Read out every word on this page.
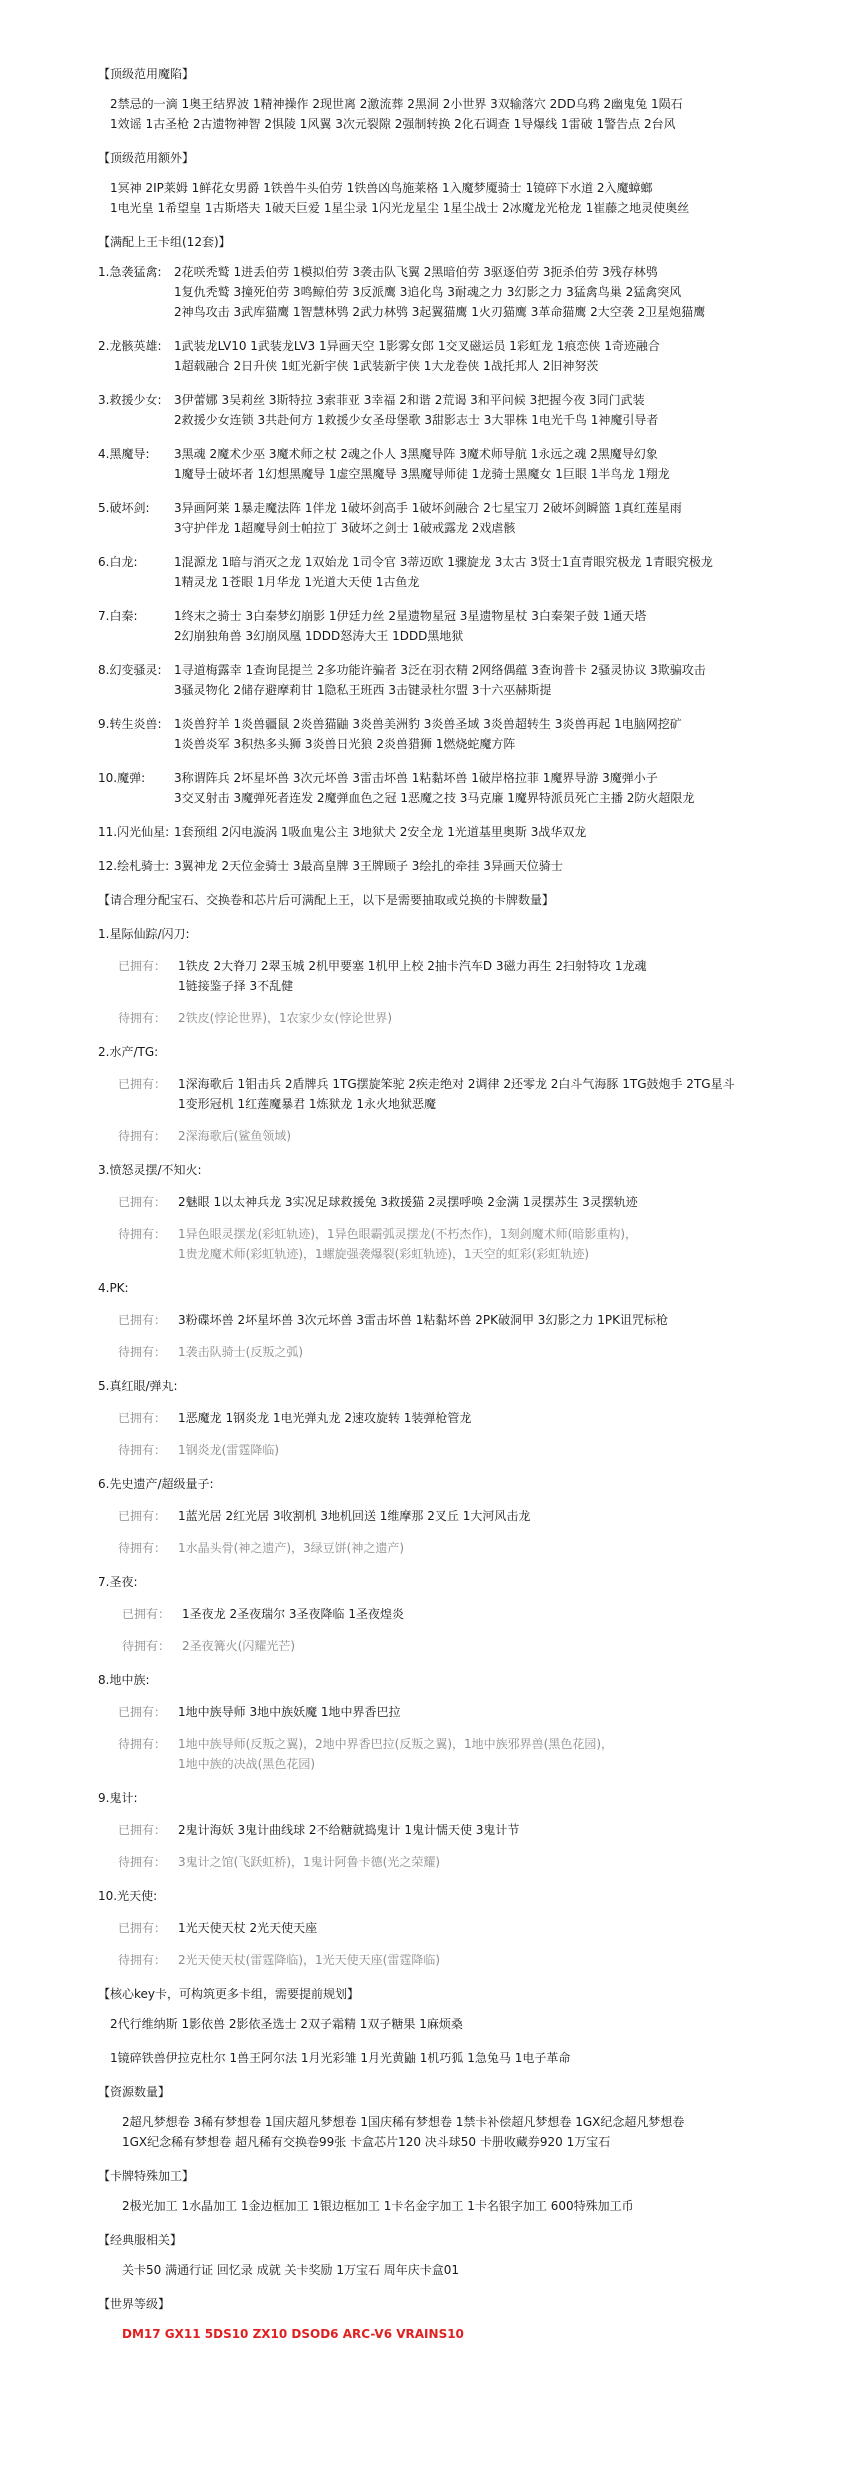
【顶级范用魔陷】
2禁忌的一滴 1奥王结界波 1精神操作 2现世离 2激流葬 2黑洞 2小世界 3双输落穴 2DD乌鸦 2幽鬼兔 1陨石
1效谣 1古圣枪 2古遗物神智 2惧陵 1风翼 3次元裂隙 2强制转换 2化石调查 1导爆线 1雷破 1警告点 2台风
【顶级范用额外】
1冥神 2IP莱姆 1鲜花女男爵 1铁兽牛头伯劳 1铁兽凶鸟施莱格 1入魔梦魇骑士 1镜碎下水道 2入魔蟑螂
1电光皇 1希望皇 1古斯塔夫 1破天巨爱 1星尘录 1闪光龙星尘 1星尘战士 2冰魔龙光枪龙 1崔藤之地灵使奥丝
【满配上王卡组(12套)】
1.急袭猛禽: 2花咲秃鹫 1进丢伯劳 1模拟伯劳 3袭击队飞翼 2黑暗伯劳 3驱逐伯劳 3扼杀伯劳 3残存林鸮
1复仇秃鹫 3撞死伯劳 3鸣鲸伯劳 3反派鹰 3追化鸟 3耐魂之力 3幻影之力 3猛禽鸟巢 2猛禽突风
2神鸟攻击 3武库猫鹰 1智慧林鸮 2武力林鸮 3起翼猫鹰 1火刃猫鹰 3革命猫鹰 2大空袭 2卫星炮猫鹰
2.龙骸英雄: 1武装龙LV10 1武装龙LV3 1异画天空 1影雾女郎 1交叉磁运员 1彩虹龙 1痕恋侠 1奇迹融合
1超载融合 2日升侠 1虹光新宇侠 1武装新宇侠 1大龙卷侠 1战托邦人 2旧神努茨
3.救援少女: 3伊蕾娜 3吴莉丝 3斯特拉 3索菲亚 3幸福 2和谐 2荒谒 3和平问候 3把握今夜 3同门武装
2救援少女连锁 3共赴何方 1救援少女圣母堡歌 3甜影志士 3大罪株 1电光千鸟 1神魔引导者
4.黑魔导: 3黑魂 2魔术少巫 3魔术师之杖 2魂之仆人 3黑魔导阵 3魔术师导航 1永远之魂 2黑魔导幻象
1魔导士破坏者 1幻想黑魔导 1虚空黑魔导 3黑魔导师徒 1龙骑士黑魔女 1巨眼 1半鸟龙 1翔龙
5.破坏剑: 3异画阿莱 1暴走魔法阵 1伴龙 1破坏剑高手 1破坏剑融合 2七星宝刀 2破坏剑瞬篮 1真红莲星雨
3守护伴龙 1超魔导剑士帕拉丁 3破坏之剑士 1破戒露龙 2戏虐骸
6.白龙:	1混源龙 1暗与消灭之龙 1双始龙 1司令官 3蒂迈欧 1骤旋龙 3太古 3贤士1直青眼究极龙 1青眼究极龙
1精灵龙 1苍眼 1月华龙 1光道大天使 1古鱼龙
7.白秦:	1终末之骑士 3白秦梦幻崩影 1伊廷力丝 2星遗物星冠 3星遗物星杖 3白秦架子鼓 1通天塔
2幻崩独角兽 3幻崩凤凰 1DDD怒涛大王 1DDD黑地狱
8.幻变骚灵: 1寻道梅露幸 1查询昆提兰 2多功能许骗者 3泛在羽衣精 2网络偶蕴 3查询普卡 2骚灵协议 3欺骗攻击
3骚灵物化 2储存避摩莉甘 1隐私王班西 3击键录杜尔盟 3十六巫赫斯提
9.转生炎兽: 1炎兽狩羊 1炎兽疆鼠 2炎兽猫鼬 3炎兽美洲豹 3炎兽圣域 3炎兽超转生 3炎兽再起 1电脑网挖矿
1炎兽炎军 3积热多头狮 3炎兽日光狼 2炎兽猎狮 1燃烧蛇魔方阵
10.魔弹: 3称谓阵兵 2坏星坏兽 3次元坏兽 3雷击坏兽 1粘黏坏兽 1破岸格拉菲 1魔界导游 3魔弹小子
3交叉射击 3魔弹死者连发 2魔弹血色之冠 1恶魔之技 3马克廉 1魔界特派员死亡主播 2防火超限龙
11.闪光仙星: 1套预组 2闪电漩涡 1吸血鬼公主 3地狱犬 2安全龙 1光道基里奥斯 3战华双龙
12.绘札骑士: 3翼神龙 2天位金骑士 3最高皇牌 3王牌顾子 3绘扎的牵挂 3异画天位骑士
【请合理分配宝石、交换卷和芯片后可满配上王，以下是需要抽取或兑换的卡牌数量】
1.星际仙踪/闪刀:
已拥有： 1铁皮 2大脊刀 2翠玉城 2机甲要塞 1机甲上校 2抽卡汽车D 3磁力再生 2扫射特攻 1龙魂
1链接鉴子择 3不乱健
待拥有： 2铁皮(悖论世界)，1农家少女(悖论世界)
2.水产/TG:
已拥有： 1深海歌后 1钼击兵 2盾牌兵 1TG摆旋笨驼 2疾走绝对 2调律 2还零龙 2白斗气海豚 1TG鼓炮手 2TG星斗
1变形冠机 1红莲魔暴君 1炼狱龙 1永火地狱恶魔
待拥有： 2深海歌后(鲨鱼领域)
3.愤怒灵摆/不知火:
已拥有： 2魅眼 1以太神兵龙 3实况足球救援兔 3救援猫 2灵摆呼唤 2金满 1灵摆苏生 3灵摆轨迹
待拥有： 1异色眼灵摆龙(彩虹轨迹)，1异色眼霸弧灵摆龙(不朽杰作)，1刻剑魔术师(暗影重构)，
1贵龙魔术师(彩虹轨迹)，1螺旋强袭爆裂(彩虹轨迹)，1天空的虹彩(彩虹轨迹)
4.PK:
已拥有： 3粉碟坏兽 2坏星坏兽 3次元坏兽 3雷击坏兽 1粘黏坏兽 2PK破洞甲 3幻影之力 1PK诅咒标枪
待拥有： 1袭击队骑士(反叛之弧)
5.真红眼/弹丸:
已拥有： 1恶魔龙 1钢炎龙 1电光弹丸龙 2速攻旋转 1装弹枪管龙
待拥有： 1钢炎龙(雷霆降临)
6.先史遗产/超级量子:
已拥有： 1蓝光居 2红光居 3收割机 3地机回送 1维摩那 2叉丘 1大河风击龙
待拥有： 1水晶头骨(神之遗产)，3绿豆饼(神之遗产)
7.圣夜:
已拥有： 1圣夜龙 2圣夜瑞尔 3圣夜降临 1圣夜煌炎
待拥有： 2圣夜篝火(闪耀光芒)
8.地中族:
已拥有： 1地中族导师 3地中族妖魔 1地中界香巴拉
待拥有： 1地中族导师(反叛之翼)，2地中界香巴拉(反叛之翼)，1地中族邪界兽(黑色花园)，
1地中族的决战(黑色花园)
9.鬼计:
已拥有： 2鬼计海妖 3鬼计曲线球 2不给糖就捣鬼计 1鬼计懦天使 3鬼计节
待拥有： 3鬼计之馆(飞跃虹桥)，1鬼计阿鲁卡德(光之荣耀)
10.光天使:
已拥有： 1光天使天杖 2光天使天座
待拥有： 2光天使天杖(雷霆降临)，1光天使天座(雷霆降临)
【核心key卡，可构筑更多卡组，需要提前规划】
2代行维纳斯 1影依兽 2影依圣选士 2双子霜精 1双子糖果 1麻烦桑
1镜碎铁兽伊拉克杜尔 1兽王阿尔法 1月光彩雏 1月光黄鼬 1机巧狐 1急兔马 1电子革命
【资源数量】
2超凡梦想卷 3稀有梦想卷 1国庆超凡梦想卷 1国庆稀有梦想卷 1禁卡补偿超凡梦想卷 1GX纪念超凡梦想卷
1GX纪念稀有梦想卷 超凡稀有交换卷99张 卡盒芯片120 决斗球50 卡册收藏券920 1万宝石
【卡牌特殊加工】
2极光加工 1水晶加工 1金边框加工 1银边框加工 1卡名金字加工 1卡名银字加工 600特殊加工币
【经典服相关】
关卡50 满通行证 回忆录 成就 关卡奖励 1万宝石 周年庆卡盒01
【世界等级】
DM17 GX11 5DS10 ZX10 DSOD6 ARC-V6 VRAINS10
